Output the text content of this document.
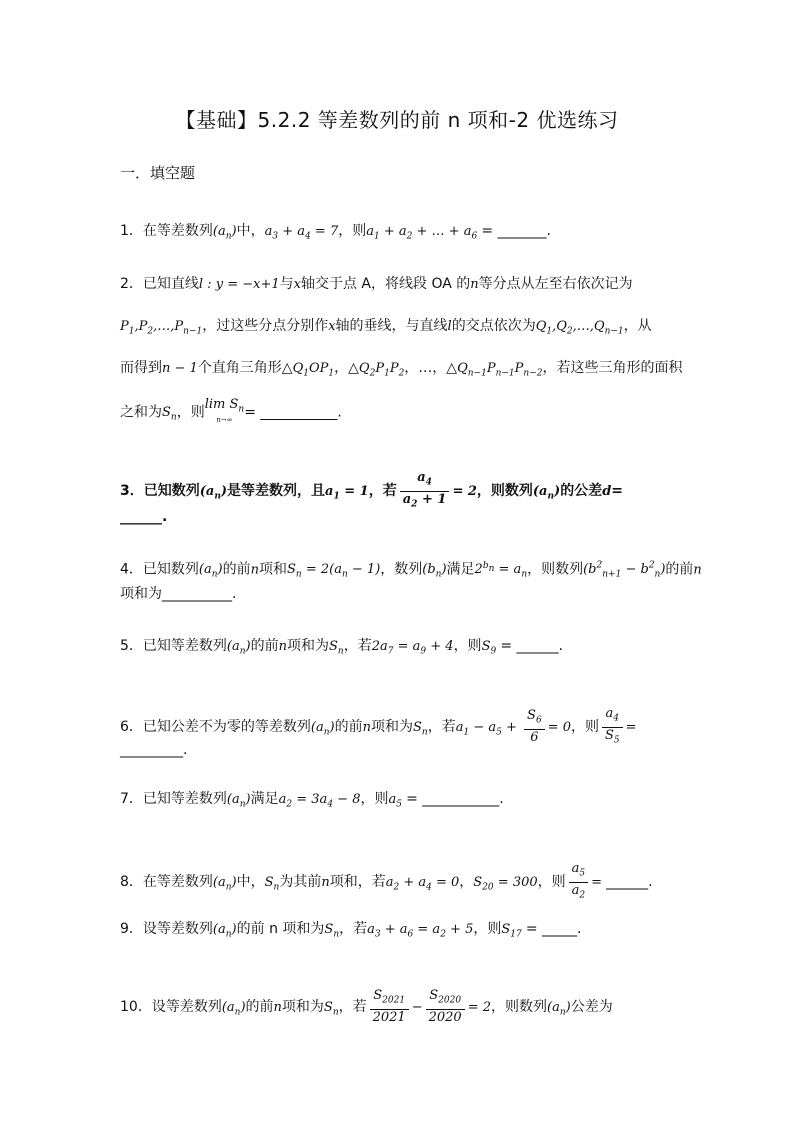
【基础】5.2.2 等差数列的前 n 项和-2 优选练习
一．填空题
1．在等差数列$(a_n)$中，$a_3 + a_4 = 7$，则$a_1 + a_2$ + … + $a_6$ = _______.
2．已知直线l : y = −x+1与x轴交于点 A，将线段 OA 的n等分点从左至右依次记为
$P_1,P_2,\dots,P_{n-1}$，过这些分点分别作x轴的垂线，与直线l的交点依次为$Q_1,Q_2,\dots,Q_{n-1}$，从
而得到n − 1个直角三角形$\triangle Q_1OP_1$，$\triangle Q_2P_1P_2$，…，$\triangle Q_{n-1}P_{n-1}P_{n-2}$，若这些三角形的面积
之和为$S_n$，则$\lim S_n$
n→∞ = ___________.
3．已知数列$(a_n)$是等差数列，且$a_1 = 1$，若 $\frac{a_4}{a_2 + 1} = 2$，则数列$(a_n)$的公差d=
______.
4．已知数列$(a_n)$的前n项和$S_n = 2(a_n - 1)$，数列$(b_n)$满足$2^{b_n} = a_n$，则数列$(b^2_{n+1} - b^2_n)$的前n
项和为__________.
5．已知等差数列$(a_n)$的前n项和为$S_n$，若$2a_7 = a_9 + 4$，则$S_9$ = ______.
6．已知公差不为零的等差数列$(a_n)$的前n项和为$S_n$，若$a_1 - a_5 + \frac{S_6}{6} = 0$，则 $\frac{a_4}{S_5}$ =
_________.
7．已知等差数列$(a_n)$满足$a_2 = 3a_4 - 8$，则$a_5$ = ___________.
8．在等差数列$(a_n)$中，$S_n$为其前n项和，若$a_2 + a_4 = 0$，$S_{20} = 300$，则 $\frac{a_5}{a_2}$ = ______.
9．设等差数列$(a_n)$的前 n 项和为$S_n$，若$a_3 + a_6 = a_2 + 5$，则$S_{17}$ = _____.
10．设等差数列$(a_n)$的前n项和为$S_n$，若 $\frac{S_{2021}}{2021} - \frac{S_{2020}}{2020} = 2$，则数列$(a_n)$公差为
